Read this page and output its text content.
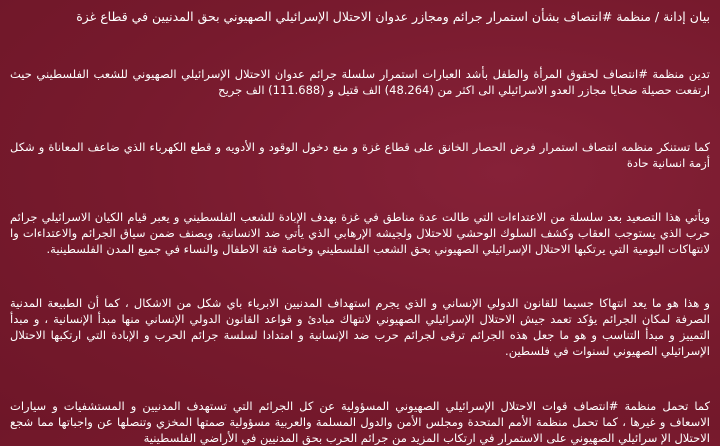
بيان إدانة / منظمة #انتصاف بشأن استمرار جرائم ومجازر عدوان الاحتلال الإسرائيلي الصهيوني بحق المدنيين في قطاع غزة

تدين منظمة #انتصاف لحقوق المرأة والطفل بأشد العبارات استمرار سلسلة جرائم عدوان الاحتلال الإسرائيلي الصهيوني للشعب الفلسطيني حيث ارتفعت حصيلة ضحايا مجازر العدو الاسرائيلي الى اكثر من (48.264) الف قتيل و (111.688) الف جريح

كما تستنكر منظمه انتصاف استمرار فرض الحصار الخانق على قطاع غزة و منع دخول الوقود و الأدويه و قطع الكهرباء الذي ضاعف المعاناة و شكل أزمة انسانية حادة

ويأتي هذا التصعيد بعد سلسلة من الاعتداءات التي طالت عدة مناطق في غزة بهدف الإبادة للشعب الفلسطيني و يعبر قيام الكيان الاسرائيلي جرائم حرب الذي يستوجب العقاب وكشف السلوك الوحشي للاحتلال ولجيشه الإرهابي الذي يأتي ضد الانسانية، ويصنف ضمن سياق الجرائم والاعتداءات وا لانتهاكات اليومية التي يرتكبها الاحتلال الإسرائيلي الصهيوني بحق الشعب الفلسطيني وخاصة فئة الاطفال والنساء في جميع المدن الفلسطينية.

و هذا هو ما يعد انتهاكا جسيما للقانون الدولي الإنساني و الذي يجرم استهداف المدنيين الابرياء باي شكل من الاشكال ، كما أن الطبيعة المدنية الصرفة لمكان الجرائم يؤكد تعمد جيش الاحتلال الإسرائيلي الصهيوني لانتهاك مبادئ و قواعد القانون الدولي الإنساني منها مبدأ الإنسانية ، و مبدأ التمييز و مبدأ التناسب و هو ما جعل هذه الجرائم ترقى لجرائم حرب ضد الإنسانية و امتدادا لسلسة جرائم الحرب و الإبادة التي ارتكبها الاحتلال الإسرائيلي الصهيوني لسنوات في فلسطين.

كما تحمل منظمة #انتصاف قوات الاحتلال الإسرائيلي الصهيوني المسؤولية عن كل الجرائم التي تستهدف المدنيين و المستشفيات و سيارات الاسعاف و غيرها ، كما تحمل منظمة الأمم المتحدة ومجلس الأمن والدول المسلمة والعربية مسؤولية صمتها المخزي وتنصلها عن واجباتها مما شجع الاحتلال الإ سرائيلي الصهيوني على الاستمرار في ارتكاب المزيد من جرائم الحرب بحق المدنيين في الأراضي الفلسطينية
